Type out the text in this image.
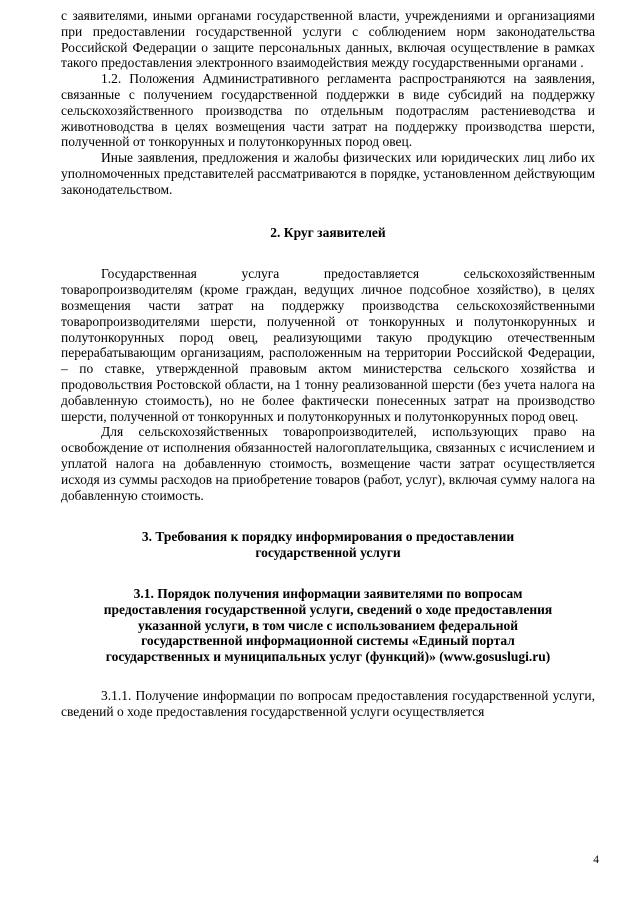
с заявителями, иными органами государственной власти, учреждениями и организациями при предоставлении государственной услуги с соблюдением норм законодательства Российской Федерации о защите персональных данных, включая осуществление в рамках такого предоставления электронного взаимодействия между государственными органами .

1.2. Положения Административного регламента распространяются на заявления, связанные с получением государственной поддержки в виде субсидий на поддержку сельскохозяйственного производства по отдельным подотраслям растениеводства и животноводства в целях возмещения части затрат на поддержку производства шерсти, полученной от тонкорунных и полутонкорунных пород овец.

Иные заявления, предложения и жалобы физических или юридических лиц либо их уполномоченных представителей рассматриваются в порядке, установленном действующим законодательством.

2. Круг заявителей

Государственная услуга предоставляется сельскохозяйственным товаропроизводителям (кроме граждан, ведущих личное подсобное хозяйство), в целях возмещения части затрат на поддержку производства сельскохозяйственными товаропроизводителями шерсти, полученной от тонкорунных и полутонкорунных и полутонкорунных пород овец, реализующими такую продукцию отечественным перерабатывающим организациям, расположенным на территории Российской Федерации, – по ставке, утвержденной правовым актом министерства сельского хозяйства и продовольствия Ростовской области, на 1 тонну реализованной шерсти (без учета налога на добавленную стоимость), но не более фактически понесенных затрат на производство шерсти, полученной от тонкорунных и полутонкорунных и полутонкорунных пород овец.

Для сельскохозяйственных товаропроизводителей, использующих право на освобождение от исполнения обязанностей налогоплательщика, связанных с исчислением и уплатой налога на добавленную стоимость, возмещение части затрат осуществляется исходя из суммы расходов на приобретение товаров (работ, услуг), включая сумму налога на добавленную стоимость.

3. Требования к порядку информирования о предоставлении
государственной услуги
3.1. Порядок получения информации заявителями по вопросам
предоставления государственной услуги, сведений о ходе предоставления
указанной услуги, в том числе с использованием федеральной
государственной информационной системы «Единый портал
государственных и муниципальных услуг (функций)» (www.gosuslugi.ru)

3.1.1. Получение информации по вопросам предоставления государственной услуги, сведений о ходе предоставления государственной услуги осуществляется

4
